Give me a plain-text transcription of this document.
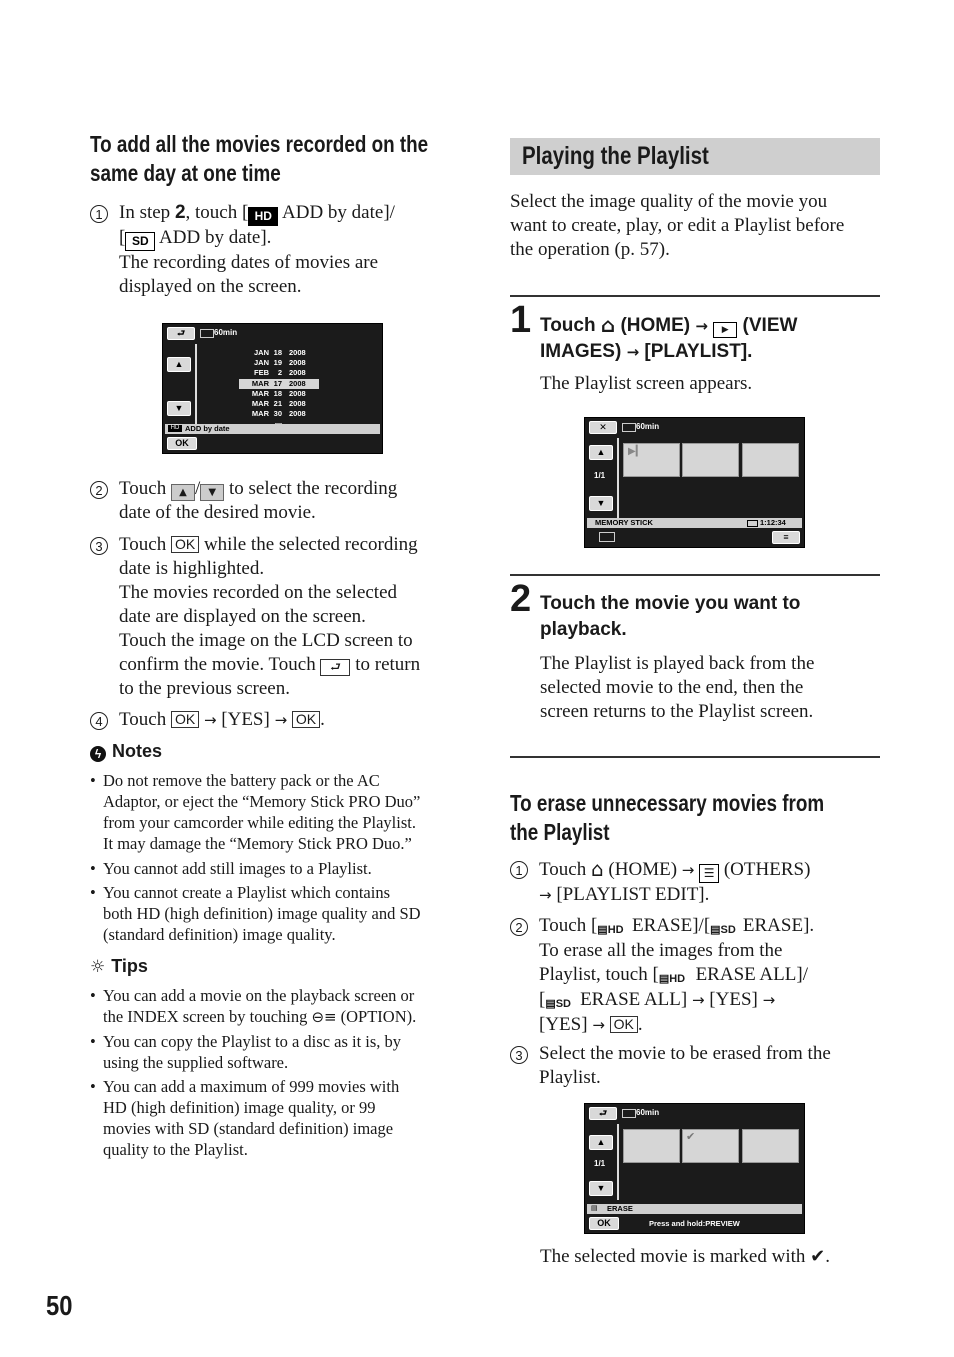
To add all the movies recorded on the
same day at one time
1 In step 2, touch [ HD ADD by date]/
[ SD ADD by date].
The recording dates of movies are
displayed on the screen.
⮐	60min
▲
▼
JAN 18 2008
JAN 19 2008
FEB	2 2008
MAR 17 2008
MAR 18 2008
MAR 21 2008
MAR 30 2008
HD ADD by date
OK
2 Touch ▲ / ▼ to select the recording
date of the desired movie.
3 Touch OK while the selected recording
date is highlighted.
The movies recorded on the selected
date are displayed on the screen.
Touch the image on the LCD screen to
confirm the movie. Touch ⮐ to return
to the previous screen.
4 Touch OK → [YES] → OK .
ϟ Notes
• Do not remove the battery pack or the AC
Adaptor, or eject the “Memory Stick PRO Duo”
from your camcorder while editing the Playlist.
It may damage the “Memory Stick PRO Duo.”
• You cannot add still images to a Playlist.
• You cannot create a Playlist which contains
both HD (high definition) image quality and SD
(standard definition) image quality.
☼ Tips
• You can add a movie on the playback screen or
the INDEX screen by touching ⊖≡ (OPTION).
• You can copy the Playlist to a disc as it is, by
using the supplied software.
• You can add a maximum of 999 movies with
HD (high definition) image quality, or 99
movies with SD (standard definition) image
quality to the Playlist.
Playing the Playlist
Select the image quality of the movie you
want to create, play, or edit a Playlist before
the operation (p. 57).
1 Touch ⌂ (HOME) → ▶ (VIEW
IMAGES) → [PLAYLIST].
The Playlist screen appears.
✕	60min
▲
1/1
▼
▶▎
MEMORY STICK	1:12:34
≡
2 Touch the movie you want to
playback.
The Playlist is played back from the
selected movie to the end, then the
screen returns to the Playlist screen.
To erase unnecessary movies from
the Playlist
1 Touch ⌂ (HOME) → ☰ (OTHERS)
→ [PLAYLIST EDIT].
2 Touch [▤HD ERASE]/[▤SD ERASE].
To erase all the images from the
Playlist, touch [▤HD ERASE ALL]/
[▤SD ERASE ALL] → [YES] →
[YES] → OK .
3 Select the movie to be erased from the
Playlist.
⮐	60min
▲
1/1
▼
✔
▤ ERASE
OK	Press and hold:PREVIEW
The selected movie is marked with ✔.
50
